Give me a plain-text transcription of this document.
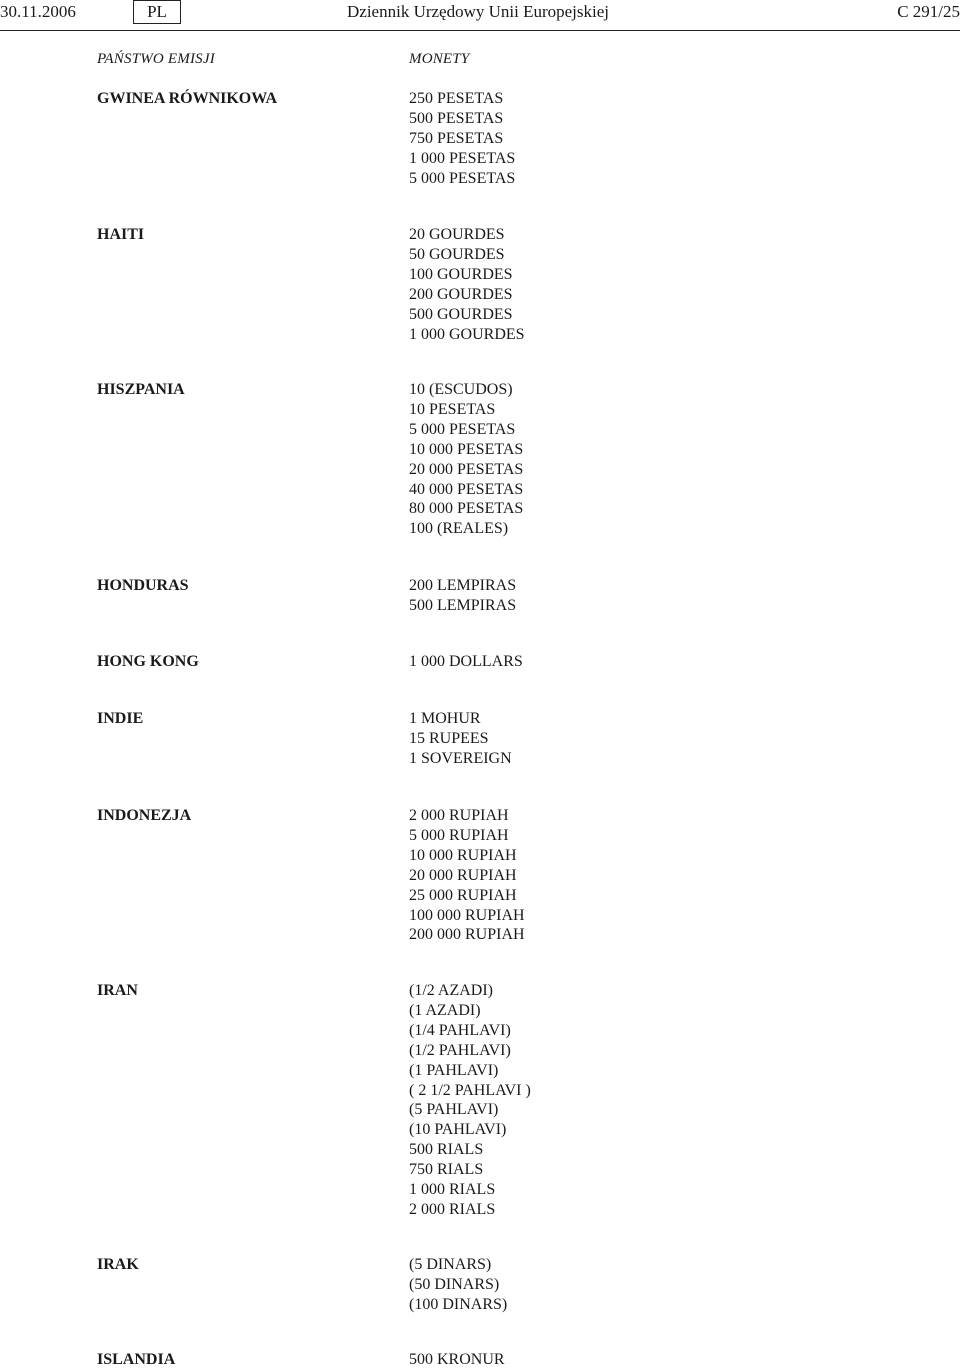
30.11.2006	PL	Dziennik Urzędowy Unii Europejskiej	C 291/25
PAŃSTWO EMISJI	MONETY
GWINEA RÓWNIKOWA	250 PESETAS
500 PESETAS
750 PESETAS
1 000 PESETAS
5 000 PESETAS
HAITI	20 GOURDES
50 GOURDES
100 GOURDES
200 GOURDES
500 GOURDES
1 000 GOURDES
HISZPANIA	10 (ESCUDOS)
10 PESETAS
5 000 PESETAS
10 000 PESETAS
20 000 PESETAS
40 000 PESETAS
80 000 PESETAS
100 (REALES)
HONDURAS	200 LEMPIRAS
500 LEMPIRAS
HONG KONG	1 000 DOLLARS
INDIE	1 MOHUR
15 RUPEES
1 SOVEREIGN
INDONEZJA	2 000 RUPIAH
5 000 RUPIAH
10 000 RUPIAH
20 000 RUPIAH
25 000 RUPIAH
100 000 RUPIAH
200 000 RUPIAH
IRAN	(1/2 AZADI)
(1 AZADI)
(1/4 PAHLAVI)
(1/2 PAHLAVI)
(1 PAHLAVI)
( 2 1/2 PAHLAVI )
(5 PAHLAVI)
(10 PAHLAVI)
500 RIALS
750 RIALS
1 000 RIALS
2 000 RIALS
IRAK	(5 DINARS)
(50 DINARS)
(100 DINARS)
ISLANDIA	500 KRONUR
